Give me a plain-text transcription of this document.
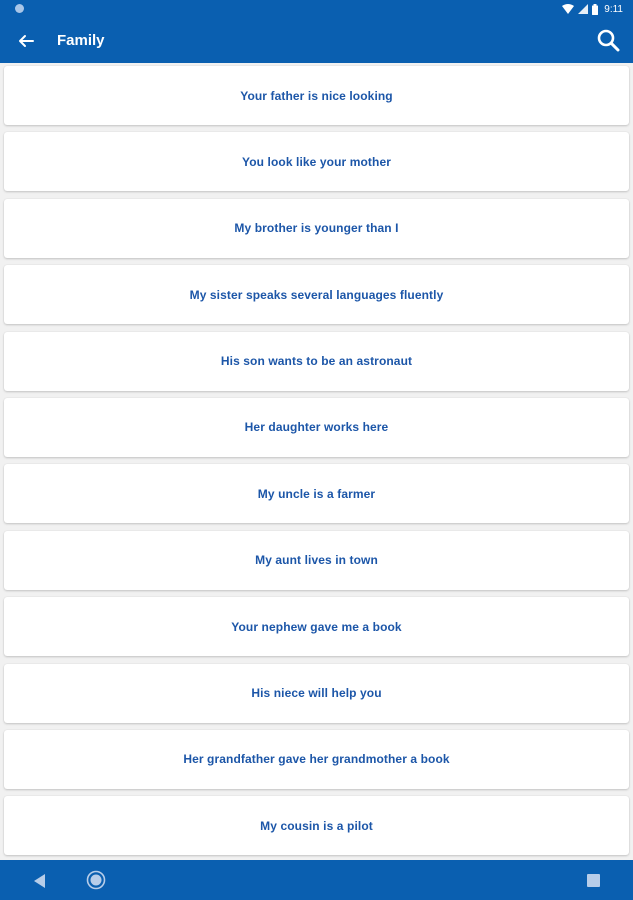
9:11
Family
Your father is nice looking
You look like your mother
My brother is younger than I
My sister speaks several languages fluently
His son wants to be an astronaut
Her daughter works here
My uncle is a farmer
My aunt lives in town
Your nephew gave me a book
His niece will help you
Her grandfather gave her grandmother a book
My cousin is a pilot
